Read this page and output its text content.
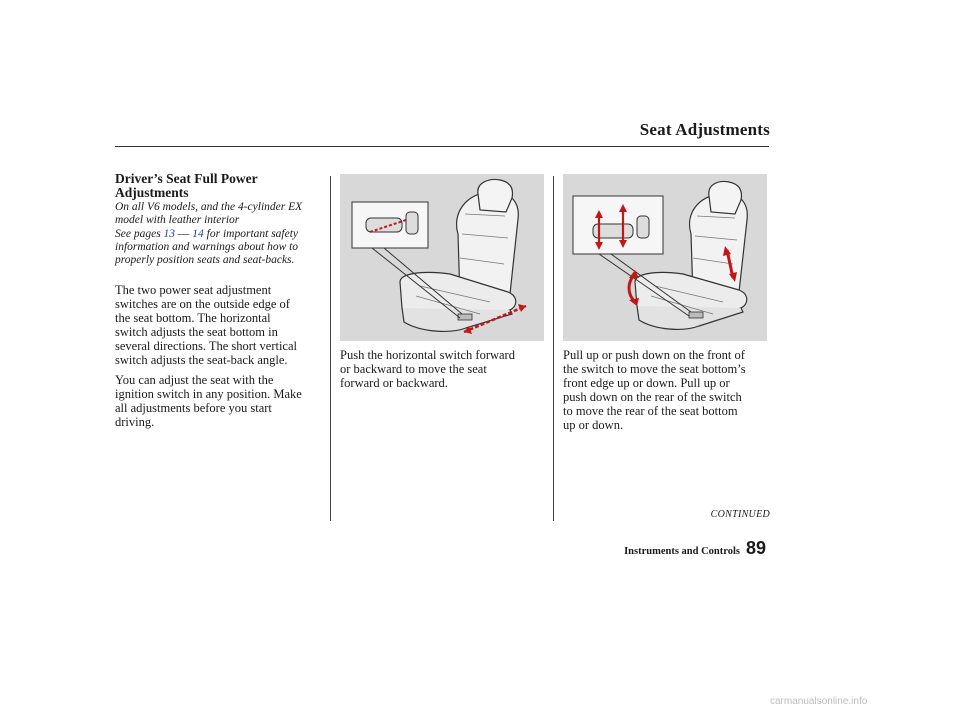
Seat Adjustments
Driver’s Seat Full Power
Adjustments
On all V6 models, and the 4-cylinder EX
model with leather interior
See pages 13 — 14 for important safety
information and warnings about how to
properly position seats and seat-backs.
The two power seat adjustment
switches are on the outside edge of
the seat bottom. The horizontal
switch adjusts the seat bottom in
several directions. The short vertical
switch adjusts the seat-back angle.
You can adjust the seat with the
ignition switch in any position. Make
all adjustments before you start
driving.
Push the horizontal switch forward
or backward to move the seat
forward or backward.
Pull up or push down on the front of
the switch to move the seat bottom’s
front edge up or down. Pull up or
push down on the rear of the switch
to move the rear of the seat bottom
up or down.
CONTINUED
Instruments and Controls 89
carmanualsonline.info
